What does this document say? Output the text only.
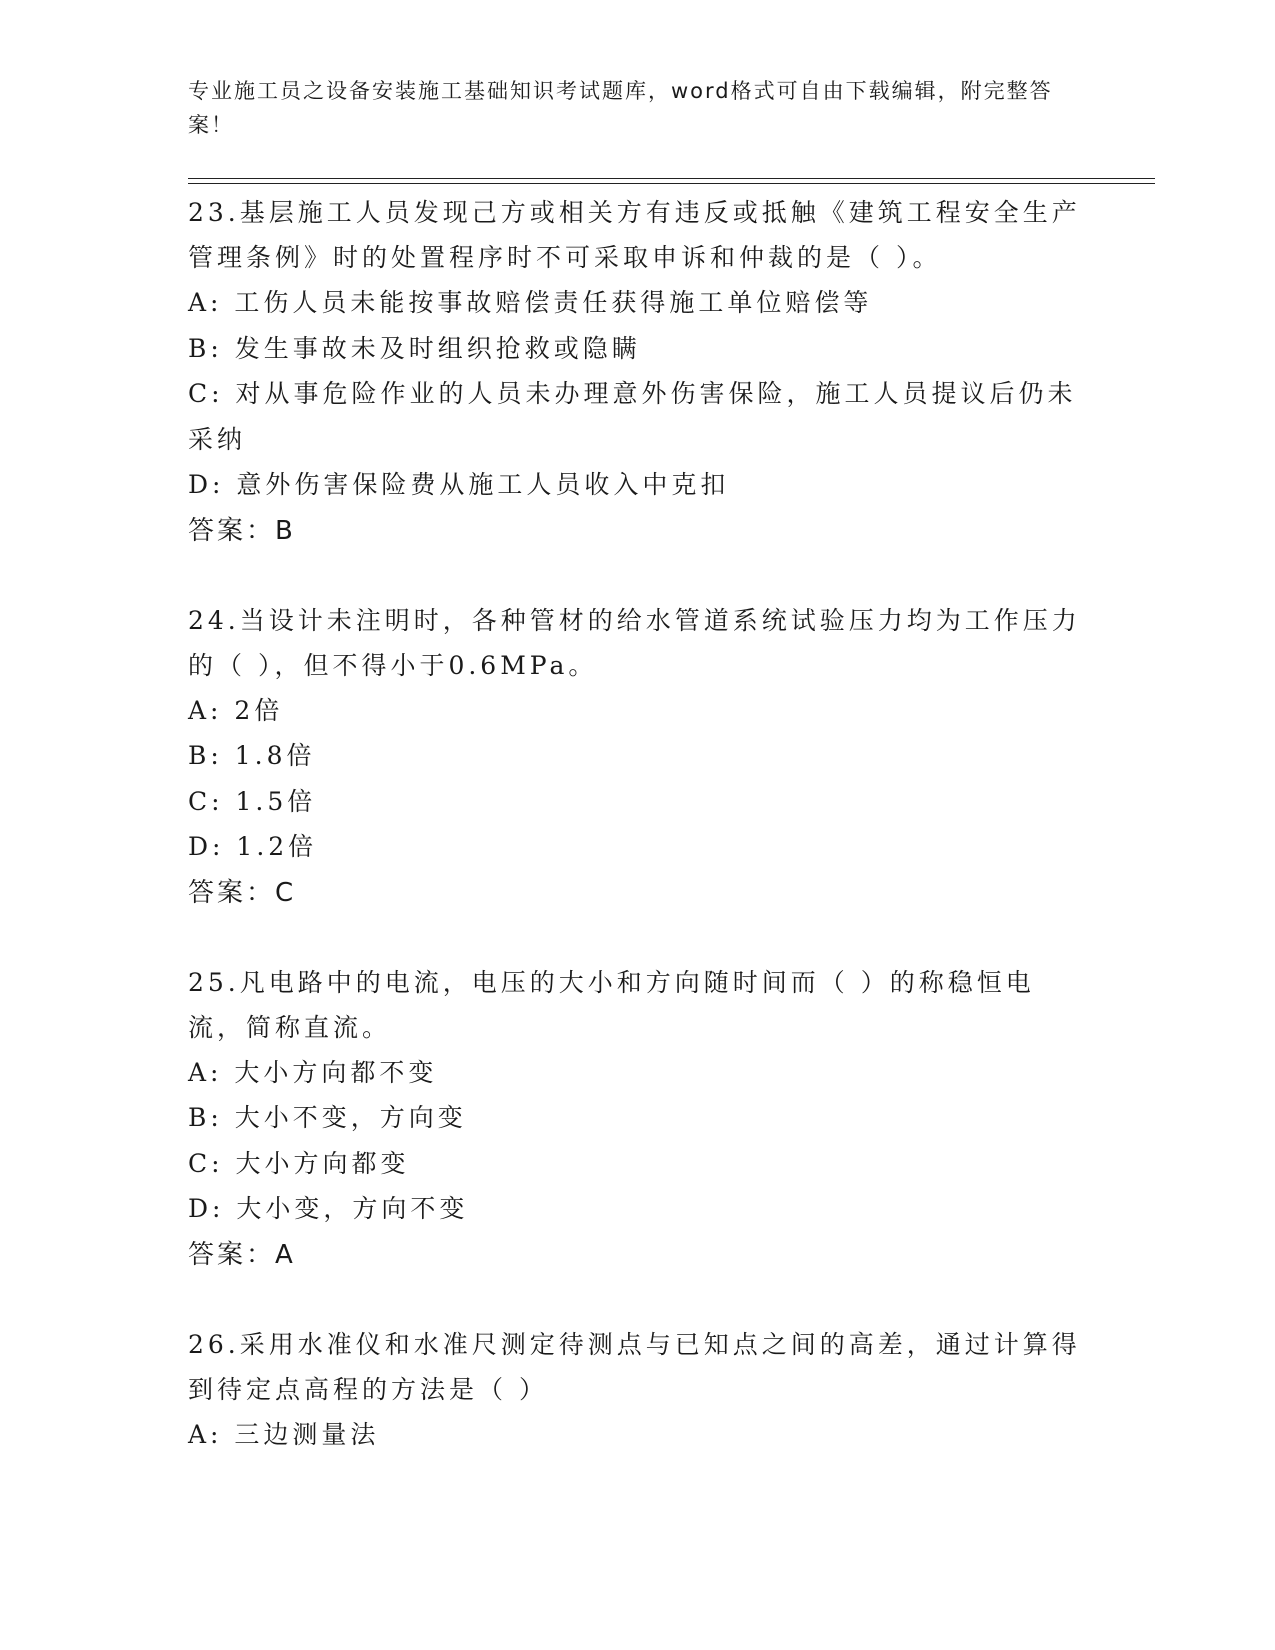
专业施工员之设备安装施工基础知识考试题库，word格式可自由下载编辑，附完整答案！

23.基层施工人员发现己方或相关方有违反或抵触《建筑工程安全生产管理条例》时的处置程序时不可采取申诉和仲裁的是（ ）。

A: 工伤人员未能按事故赔偿责任获得施工单位赔偿等
B: 发生事故未及时组织抢救或隐瞒
C: 对从事危险作业的人员未办理意外伤害保险，施工人员提议后仍未采纳
D: 意外伤害保险费从施工人员收入中克扣

答案：B

24.当设计未注明时，各种管材的给水管道系统试验压力均为工作压力的（ ），但不得小于0.6MPa。

A: 2倍
B: 1.8倍
C: 1.5倍
D: 1.2倍

答案：C

25.凡电路中的电流，电压的大小和方向随时间而（ ）的称稳恒电流，简称直流。

A: 大小方向都不变
B: 大小不变，方向变
C: 大小方向都变
D: 大小变，方向不变

答案：A

26.采用水准仪和水准尺测定待测点与已知点之间的高差，通过计算得到待定点高程的方法是（ ）

A: 三边测量法
